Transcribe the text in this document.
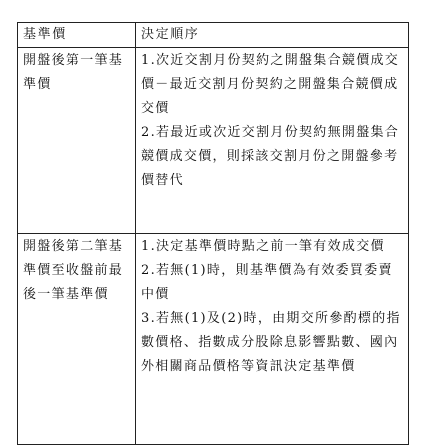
基準價	決定順序
開盤後第一筆基準價	1.次近交割月份契約之開盤集合競價成交價－最近交割月份契約之開盤集合競價成交價
2.若最近或次近交割月份契約無開盤集合競價成交價，則採該交割月份之開盤參考價替代

開盤後第二筆基準價至收盤前最後一筆基準價	1.決定基準價時點之前一筆有效成交價
2.若無(1)時，則基準價為有效委買委賣中價
3.若無(1)及(2)時，由期交所參酌標的指數價格、指數成分股除息影響點數、國內外相關商品價格等資訊決定基準價
